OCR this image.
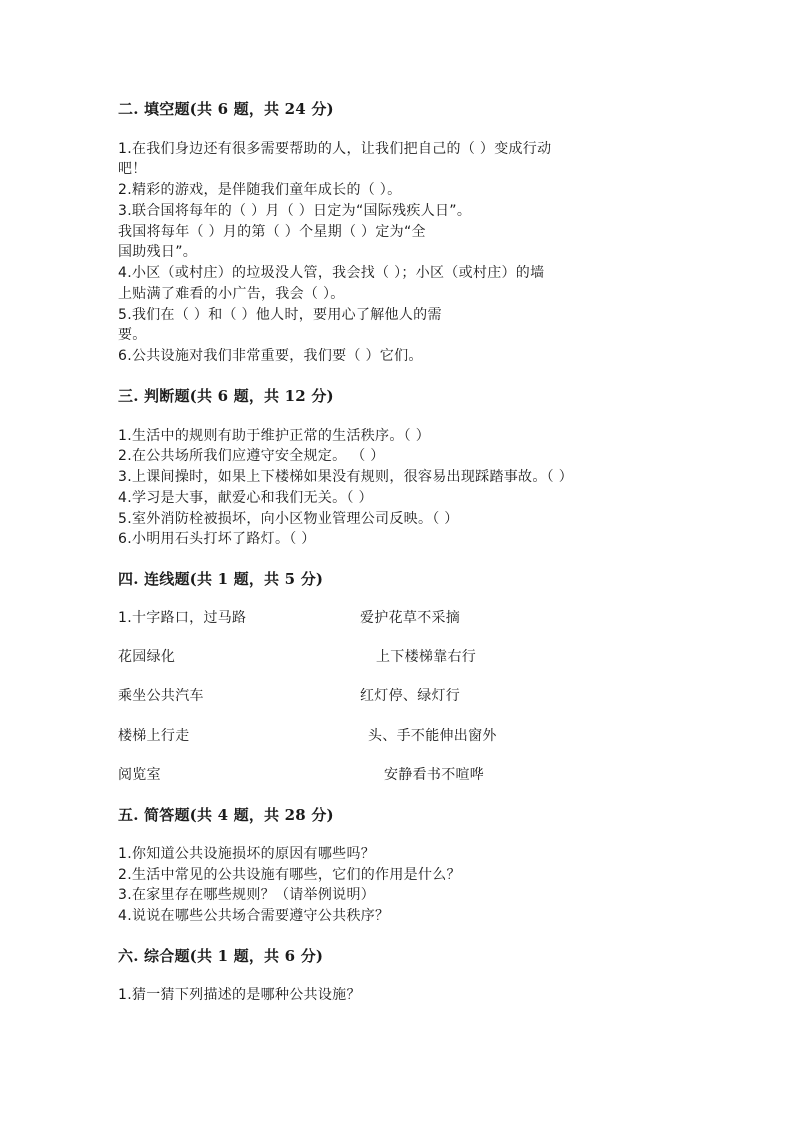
二. 填空题(共 6 题，共 24 分)
1.在我们身边还有很多需要帮助的人，让我们把自己的（ ）变成行动
吧！
2.精彩的游戏，是伴随我们童年成长的（ ）。
3.联合国将每年的（ ）月（ ）日定为“国际残疾人日”。
我国将每年（ ）月的第（ ）个星期（ ）定为“全
国助残日”。
4.小区（或村庄）的垃圾没人管，我会找（ ）；小区（或村庄）的墙
上贴满了难看的小广告，我会（ ）。
5.我们在（ ）和（ ）他人时，要用心了解他人的需
要。
6.公共设施对我们非常重要，我们要（ ）它们。
三. 判断题(共 6 题，共 12 分)
1.生活中的规则有助于维护正常的生活秩序。（ ）
2.在公共场所我们应遵守安全规定。 （ ）
3.上课间操时，如果上下楼梯如果没有规则，很容易出现踩踏事故。（ ）
4.学习是大事，献爱心和我们无关。（ ）
5.室外消防栓被损坏，向小区物业管理公司反映。（ ）
6.小明用石头打坏了路灯。（ ）
四. 连线题(共 1 题，共 5 分)
1.十字路口，过马路	爱护花草不采摘
花园绿化	上下楼梯靠右行
乘坐公共汽车	红灯停、绿灯行
楼梯上行走	头、手不能伸出窗外
阅览室	安静看书不喧哗
五. 简答题(共 4 题，共 28 分)
1.你知道公共设施损坏的原因有哪些吗？
2.生活中常见的公共设施有哪些，它们的作用是什么？
3.在家里存在哪些规则？（请举例说明）
4.说说在哪些公共场合需要遵守公共秩序？
六. 综合题(共 1 题，共 6 分)
1.猜一猜下列描述的是哪种公共设施？
